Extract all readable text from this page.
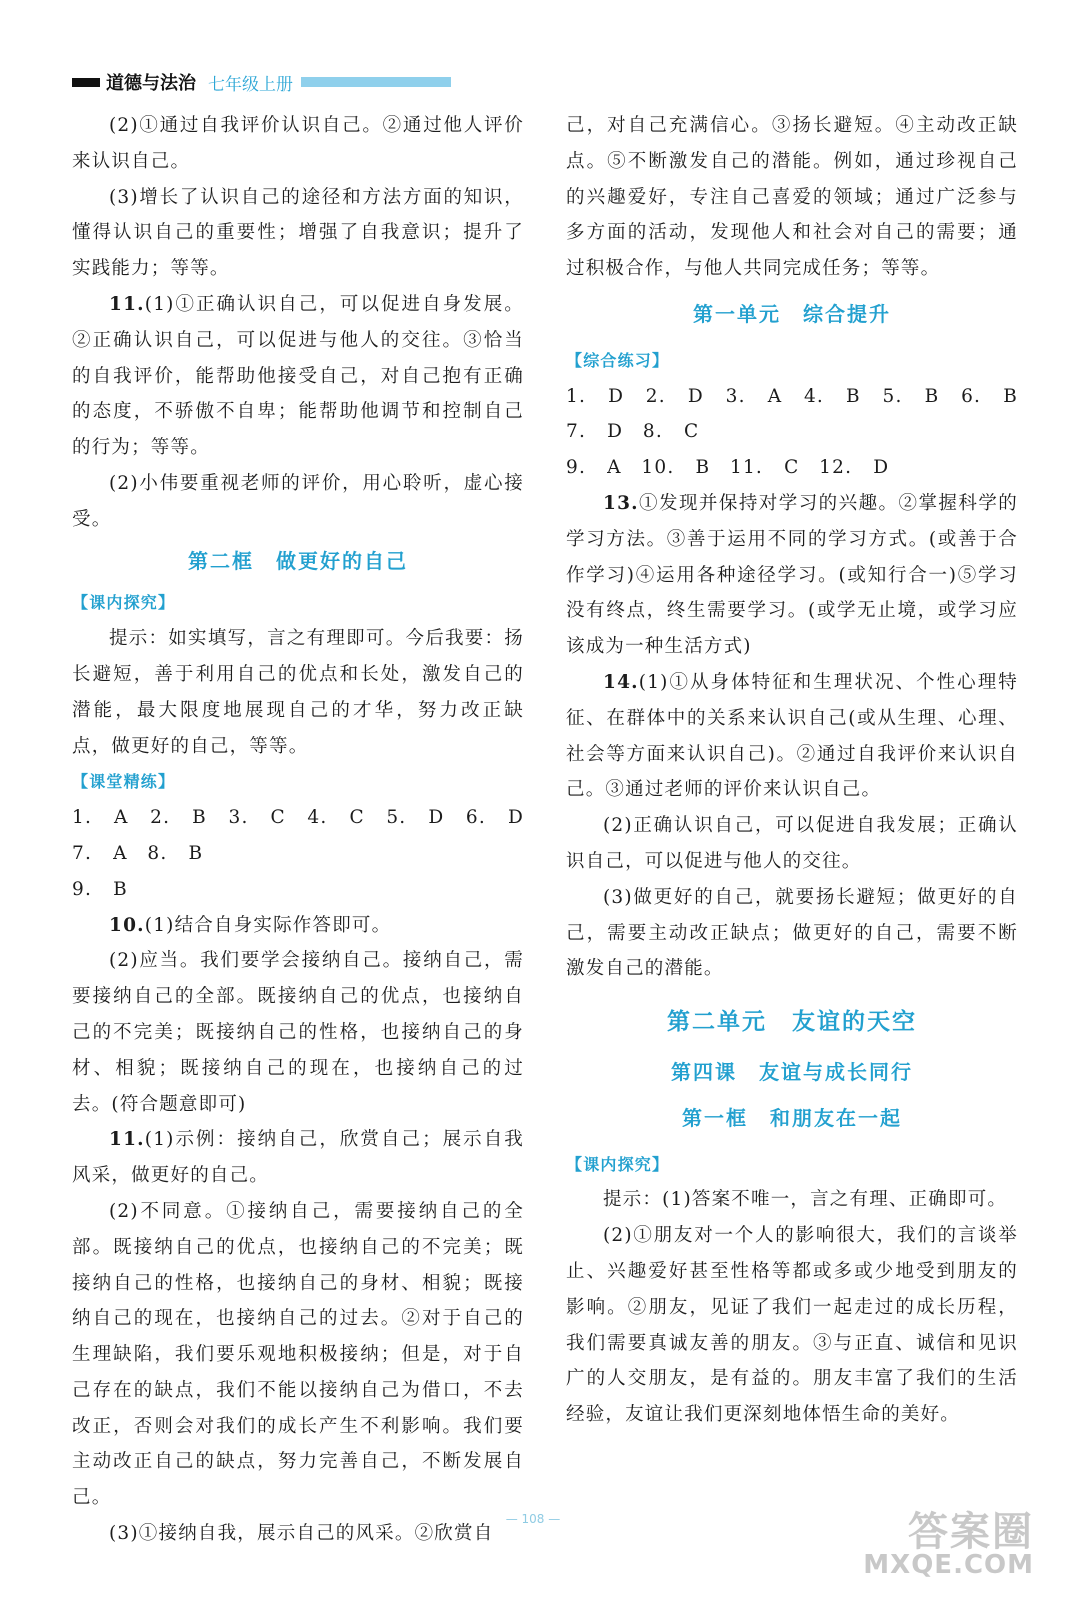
道德与法治 七年级上册

(2)①通过自我评价认识自己。②通过他人评价来认识自己。

(3)增长了认识自己的途径和方法方面的知识，懂得认识自己的重要性；增强了自我意识；提升了实践能力；等等。

11.(1)①正确认识自己，可以促进自身发展。②正确认识自己，可以促进与他人的交往。③恰当的自我评价，能帮助他接受自己，对自己抱有正确的态度，不骄傲不自卑；能帮助他调节和控制自己的行为；等等。

(2)小伟要重视老师的评价，用心聆听，虚心接受。

第二框　做更好的自己
【课内探究】

提示：如实填写，言之有理即可。今后我要：扬长避短，善于利用自己的优点和长处，激发自己的潜能，最大限度地展现自己的才华，努力改正缺点，做更好的自己，等等。

【课堂精练】

1. A　2. B　3. C　4. C　5. D　6. D　7. A　8. B

9. B

10.(1)结合自身实际作答即可。

(2)应当。我们要学会接纳自己。接纳自己，需要接纳自己的全部。既接纳自己的优点，也接纳自己的不完美；既接纳自己的性格，也接纳自己的身材、相貌；既接纳自己的现在，也接纳自己的过去。(符合题意即可)

11.(1)示例：接纳自己，欣赏自己；展示自我风采，做更好的自己。

(2)不同意。①接纳自己，需要接纳自己的全部。既接纳自己的优点，也接纳自己的不完美；既接纳自己的性格，也接纳自己的身材、相貌；既接纳自己的现在，也接纳自己的过去。②对于自己的生理缺陷，我们要乐观地积极接纳；但是，对于自己存在的缺点，我们不能以接纳自己为借口，不去改正，否则会对我们的成长产生不利影响。我们要主动改正自己的缺点，努力完善自己，不断发展自己。

(3)①接纳自我，展示自己的风采。②欣赏自

己，对自己充满信心。③扬长避短。④主动改正缺点。⑤不断激发自己的潜能。例如，通过珍视自己的兴趣爱好，专注自己喜爱的领域；通过广泛参与多方面的活动，发现他人和社会对自己的需要；通过积极合作，与他人共同完成任务；等等。

第一单元　综合提升
【综合练习】

1. D　2. D　3. A　4. B　5. B　6. B　7. D　8. C

9. A　10. B　11. C　12. D

13.①发现并保持对学习的兴趣。②掌握科学的学习方法。③善于运用不同的学习方式。(或善于合作学习)④运用各种途径学习。(或知行合一)⑤学习没有终点，终生需要学习。(或学无止境，或学习应该成为一种生活方式)

14.(1)①从身体特征和生理状况、个性心理特征、在群体中的关系来认识自己(或从生理、心理、社会等方面来认识自己)。②通过自我评价来认识自己。③通过老师的评价来认识自己。

(2)正确认识自己，可以促进自我发展；正确认识自己，可以促进与他人的交往。

(3)做更好的自己，就要扬长避短；做更好的自己，需要主动改正缺点；做更好的自己，需要不断激发自己的潜能。

第二单元　友谊的天空
第四课　友谊与成长同行
第一框　和朋友在一起
【课内探究】

提示：(1)答案不唯一，言之有理、正确即可。

(2)①朋友对一个人的影响很大，我们的言谈举止、兴趣爱好甚至性格等都或多或少地受到朋友的影响。②朋友，见证了我们一起走过的成长历程，我们需要真诚友善的朋友。③与正直、诚信和见识广的人交朋友，是有益的。朋友丰富了我们的生活经验，友谊让我们更深刻地体悟生命的美好。

— 108 —	答案圈
MXQE.COM
